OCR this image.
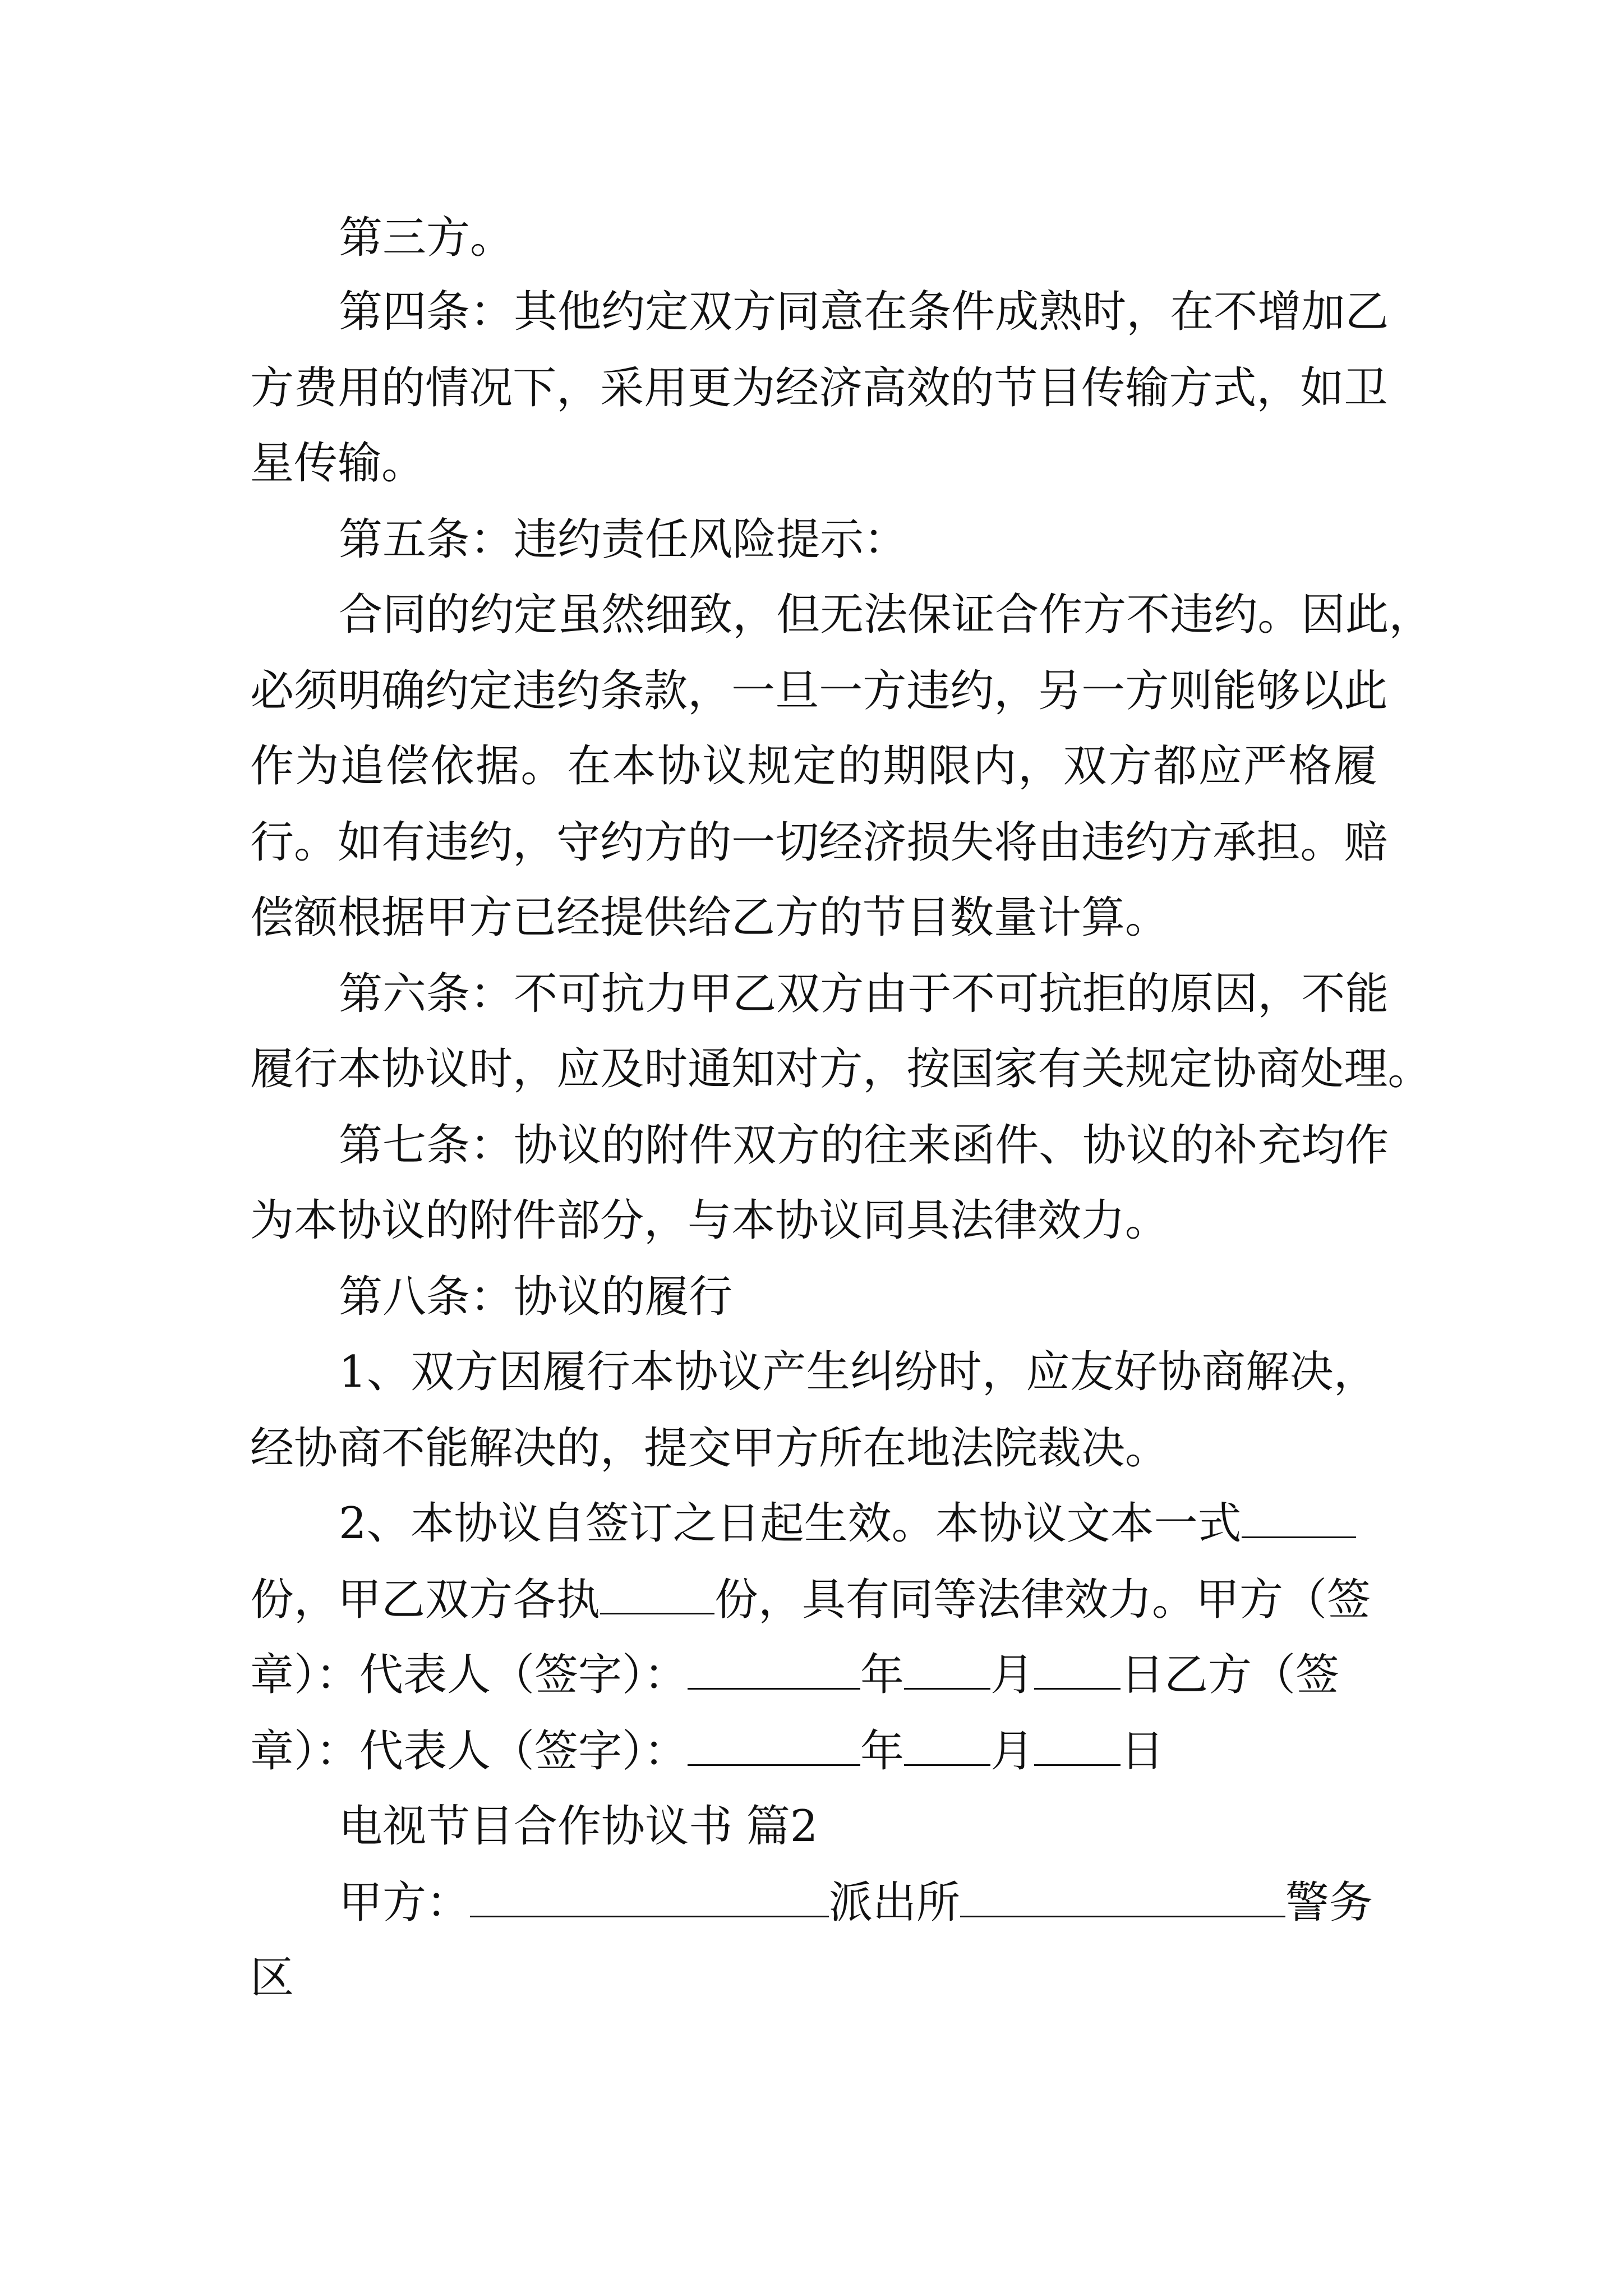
第三方。
第 四 条 ： 其 他 约 定 双 方 同 意 在 条 件 成 熟 时 ， 在 不 增 加 乙
方 费 用 的 情 况 下 ， 采 用 更 为 经 济 高 效 的 节 目 传 输 方 式 ， 如 卫
星传输。
第五条：违约责任风险提示：
合 同 的 约 定 虽 然 细 致 ， 但 无 法 保 证 合 作 方 不 违 约 。 因 此 ，
必 须 明 确 约 定 违 约 条 款 ， 一 旦 一 方 违 约 ， 另 一 方 则 能 够 以 此
作 为 追 偿 依 据 。 在 本 协 议 规 定 的 期 限 内 ， 双 方 都 应 严 格 履
行 。 如 有 违 约 ， 守 约 方 的 一 切 经 济 损 失 将 由 违 约 方 承 担 。 赔
偿额根据甲方已经提供给乙方的节目数量计算。
第 六 条 ： 不 可 抗 力 甲 乙 双 方 由 于 不 可 抗 拒 的 原 因 ， 不 能
履 行 本 协 议 时 ， 应 及 时 通 知 对 方 ， 按 国 家 有 关 规 定 协 商 处 理 。
第 七 条 ： 协 议 的 附 件 双 方 的 往 来 函 件 、 协 议 的 补 充 均 作
为本协议的附件部分，与本协议同具法律效力。
第八条：协议的履行
1 、 双 方 因 履 行 本 协 议 产 生 纠 纷 时 ， 应 友 好 协 商 解 决 ，
经协商不能解决的，提交甲方所在地法院裁决。
2、本协议自签订之日起生效。本协议文本一式
份，甲乙双方各执	份，具有同等法律效力。甲方（签
章）：代表人（签字）：	年 月 日乙方（签
章）：代表人（签字）：	年 月 日
电视节目合作协议书 篇2
甲方：	派出所	警务
区
